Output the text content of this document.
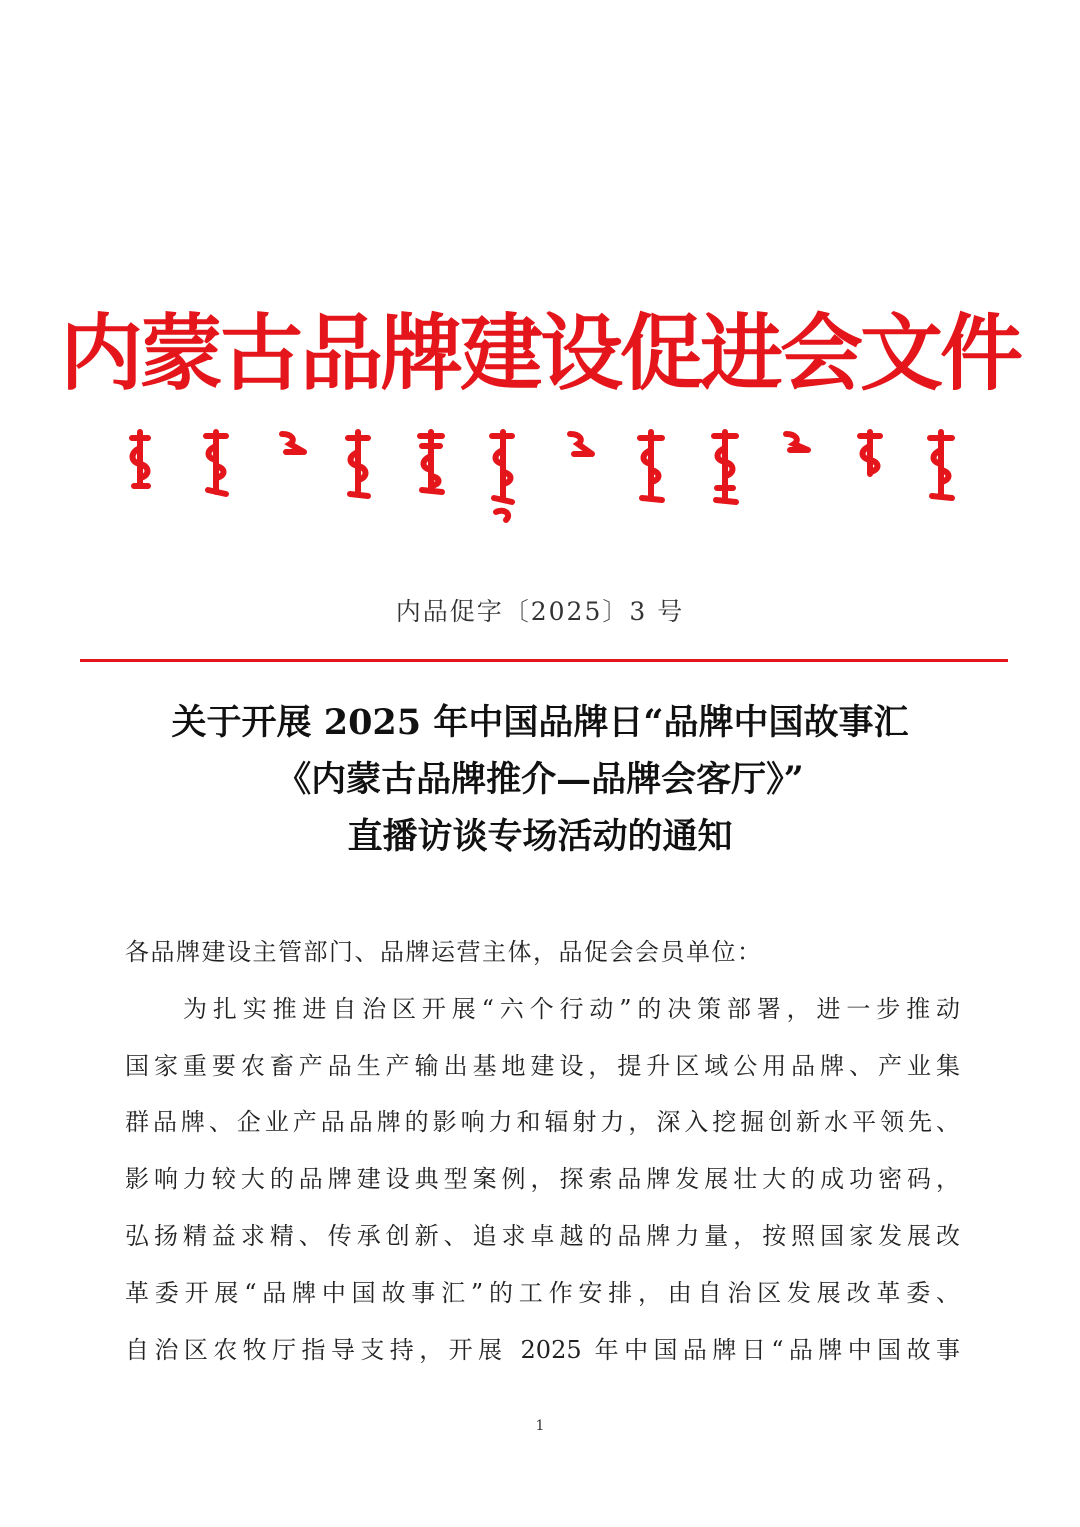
内蒙古品牌建设促进会文件
内品促字〔2025〕3 号
关于开展 2025 年中国品牌日“品牌中国故事汇
《内蒙古品牌推介—品牌会客厅》”
直播访谈专场活动的通知
各品牌建设主管部门、品牌运营主体，品促会会员单位：
为扎实推进自治区开展“六个行动”的决策部署，进一步推动
国家重要农畜产品生产输出基地建设，提升区域公用品牌、产业集
群品牌、企业产品品牌的影响力和辐射力，深入挖掘创新水平领先、
影响力较大的品牌建设典型案例，探索品牌发展壮大的成功密码，
弘扬精益求精、传承创新、追求卓越的品牌力量，按照国家发展改
革委开展“品牌中国故事汇”的工作安排，由自治区发展改革委、
自治区农牧厅指导支持，开展 2025 年中国品牌日“品牌中国故事
1
